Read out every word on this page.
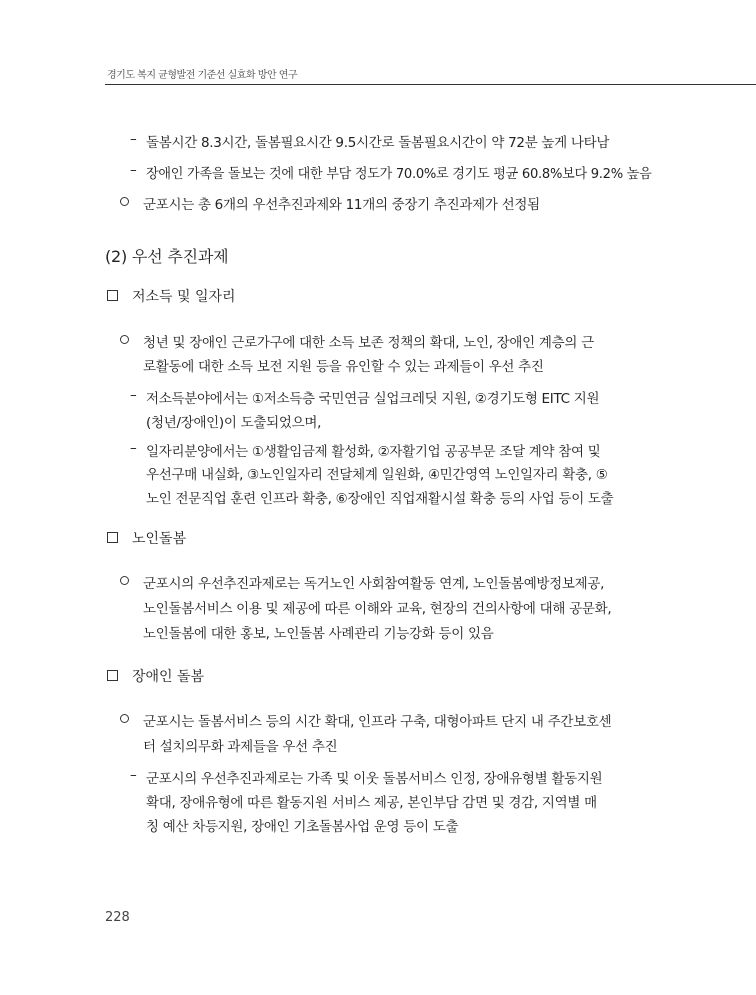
경기도 복지 균형발전 기준선 실효화 방안 연구
– 돌봄시간 8.3시간, 돌봄필요시간 9.5시간로 돌봄필요시간이 약 72분 높게 나타남
– 장애인 가족을 돌보는 것에 대한 부담 정도가 70.0%로 경기도 평균 60.8%보다 9.2% 높음
군포시는 총 6개의 우선추진과제와 11개의 중장기 추진과제가 선정됨
(2) 우선 추진과제
저소득 및 일자리
청년 및 장애인 근로가구에 대한 소득 보존 정책의 확대, 노인, 장애인 계층의 근
로활동에 대한 소득 보전 지원 등을 유인할 수 있는 과제들이 우선 추진
– 저소득분야에서는 ①저소득층 국민연금 실업크레딧 지원, ②경기도형 EITC 지원
(청년/장애인)이 도출되었으며,
– 일자리분양에서는 ①생활임금제 활성화, ②자활기업 공공부문 조달 계약 참여 및
우선구매 내실화, ③노인일자리 전달체계 일원화, ④민간영역 노인일자리 확충, ⑤
노인 전문직업 훈련 인프라 확충, ⑥장애인 직업재활시설 확충 등의 사업 등이 도출
노인돌봄
군포시의 우선추진과제로는 독거노인 사회참여활동 연계, 노인돌봄예방정보제공,
노인돌봄서비스 이용 및 제공에 따른 이해와 교육, 현장의 건의사항에 대해 공문화,
노인돌봄에 대한 홍보, 노인돌봄 사례관리 기능강화 등이 있음
장애인 돌봄
군포시는 돌봄서비스 등의 시간 확대, 인프라 구축, 대형아파트 단지 내 주간보호센
터 설치의무화 과제들을 우선 추진
– 군포시의 우선추진과제로는 가족 및 이웃 돌봄서비스 인정, 장애유형별 활동지원
확대, 장애유형에 따른 활동지원 서비스 제공, 본인부담 감면 및 경감, 지역별 매
칭 예산 차등지원, 장애인 기초돌봄사업 운영 등이 도출
228
